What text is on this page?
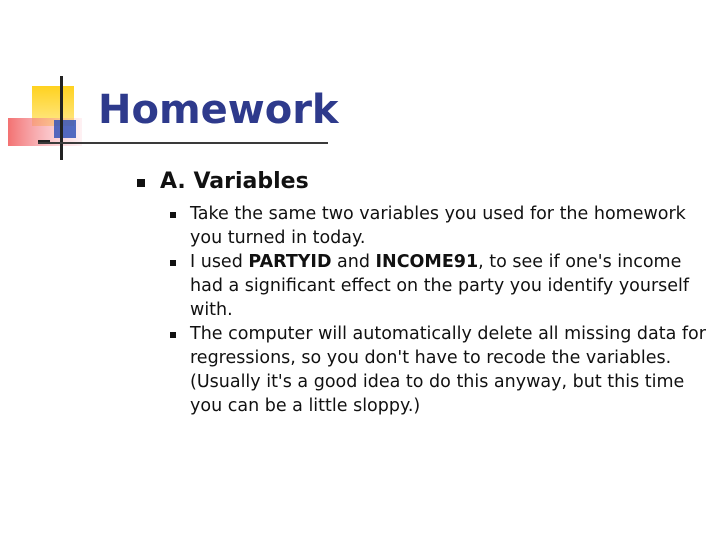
Homework
A. Variables
Take the same two variables you used for the homework you turned in today.
I used PARTYID and INCOME91, to see if one's income had a significant effect on the party you identify yourself with.
The computer will automatically delete all missing data for regressions, so you don't have to recode the variables. (Usually it's a good idea to do this anyway, but this time you can be a little sloppy.)
